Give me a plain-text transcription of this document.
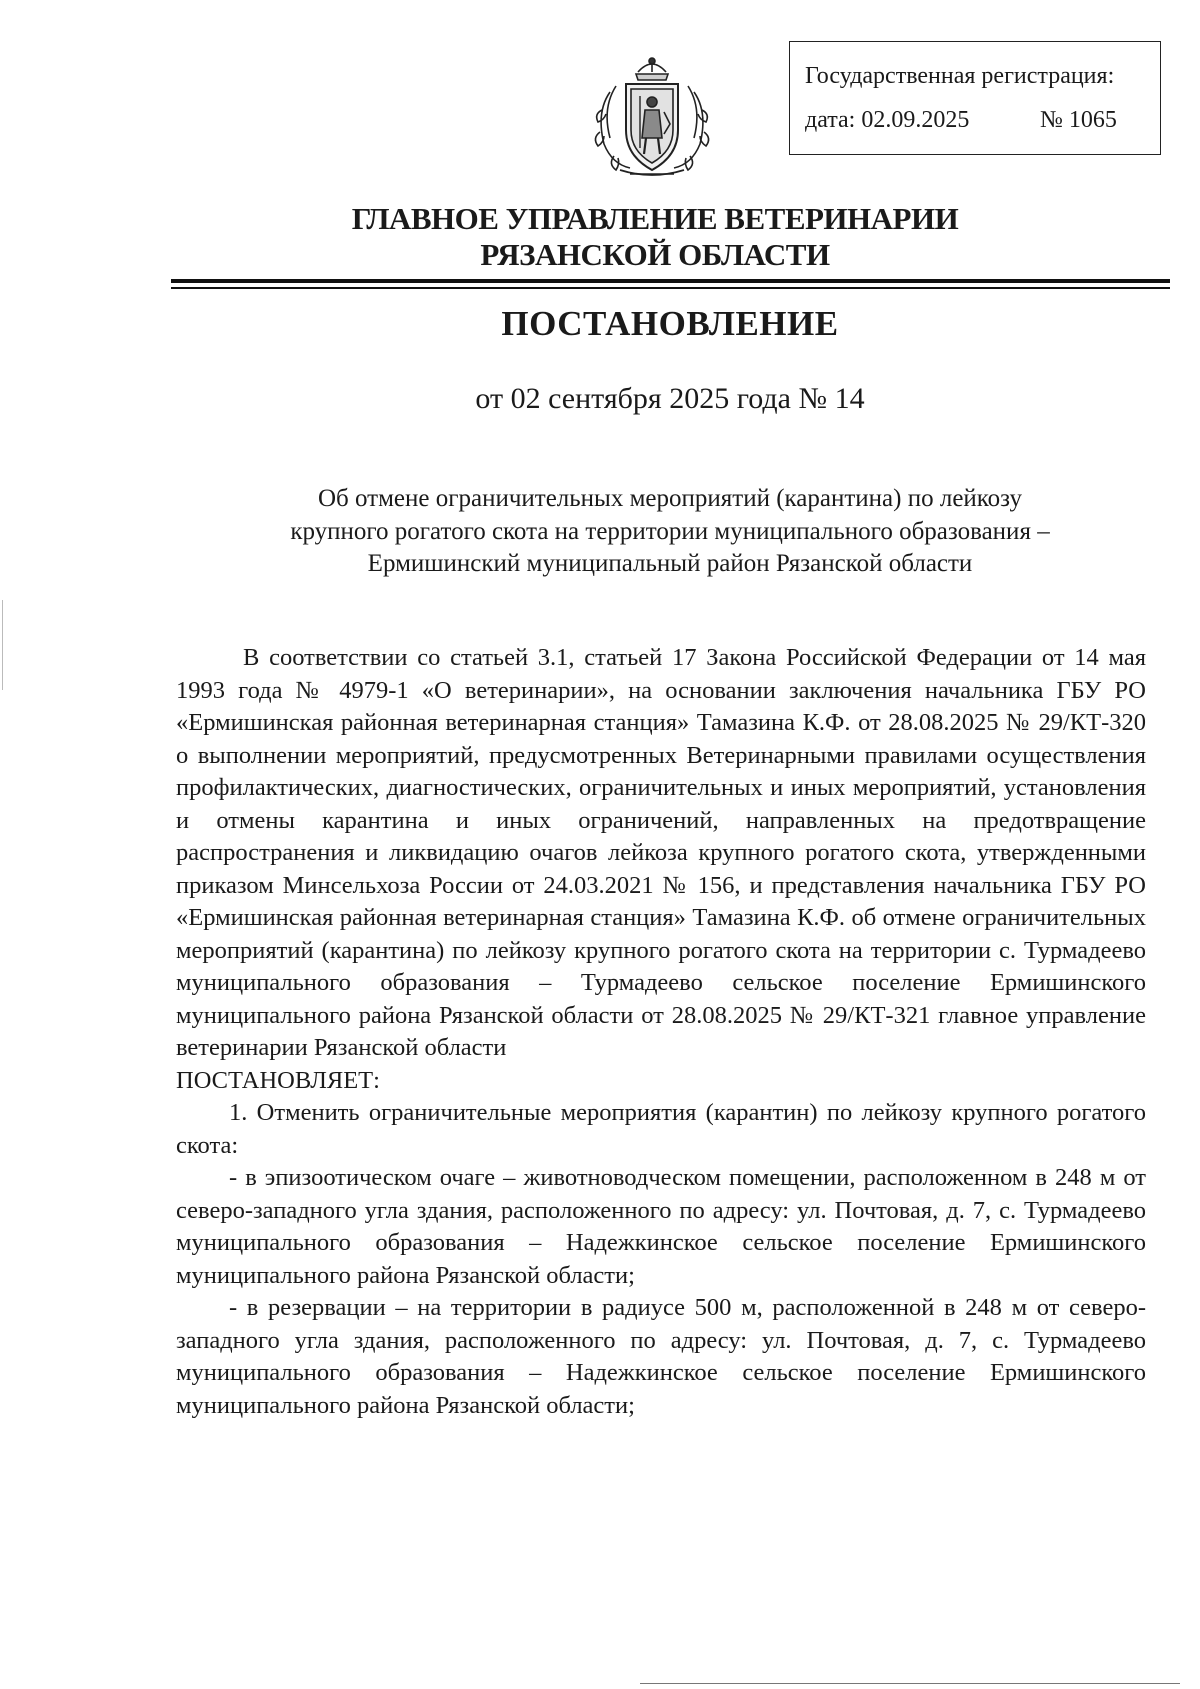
Государственная регистрация:
дата: 02.09.2025	№ 1065
ГЛАВНОЕ УПРАВЛЕНИЕ ВЕТЕРИНАРИИ
РЯЗАНСКОЙ ОБЛАСТИ
ПОСТАНОВЛЕНИЕ
от 02 сентября 2025 года № 14
Об отмене ограничительных мероприятий (карантина) по лейкозу
крупного рогатого скота на территории муниципального образования –
Ермишинский муниципальный район Рязанской области

В соответствии со статьей 3.1, статьей 17 Закона Российской Федерации от 14 мая 1993 года № 4979-1 «О ветеринарии», на основании заключения начальника ГБУ РО «Ермишинская районная ветеринарная станция» Тамазина К.Ф. от 28.08.2025 № 29/КТ-320 о выполнении мероприятий, предусмотренных Ветеринарными правилами осуществления профилактических, диагностических, ограничительных и иных мероприятий, установления и отмены карантина и иных ограничений, направленных на предотвращение распространения и ликвидацию очагов лейкоза крупного рогатого скота, утвержденными приказом Минсельхоза России от 24.03.2021 № 156, и представления начальника ГБУ РО «Ермишинская районная ветеринарная станция» Тамазина К.Ф. об отмене ограничительных мероприятий (карантина) по лейкозу крупного рогатого скота на территории с. Турмадеево муниципального образования – Турмадеево сельское поселение Ермишинского муниципального района Рязанской области от 28.08.2025 № 29/КТ-321 главное управление ветеринарии Рязанской области

ПОСТАНОВЛЯЕТ:

1. Отменить ограничительные мероприятия (карантин) по лейкозу крупного рогатого скота:

- в эпизоотическом очаге – животноводческом помещении, расположенном в 248 м от северо-западного угла здания, расположенного по адресу: ул. Почтовая, д. 7, с. Турмадеево муниципального образования – Надежкинское сельское поселение Ермишинского муниципального района Рязанской области;

- в резервации – на территории в радиусе 500 м, расположенной в 248 м от северо-западного угла здания, расположенного по адресу: ул. Почтовая, д. 7, с. Турмадеево муниципального образования – Надежкинское сельское поселение Ермишинского муниципального района Рязанской области;
